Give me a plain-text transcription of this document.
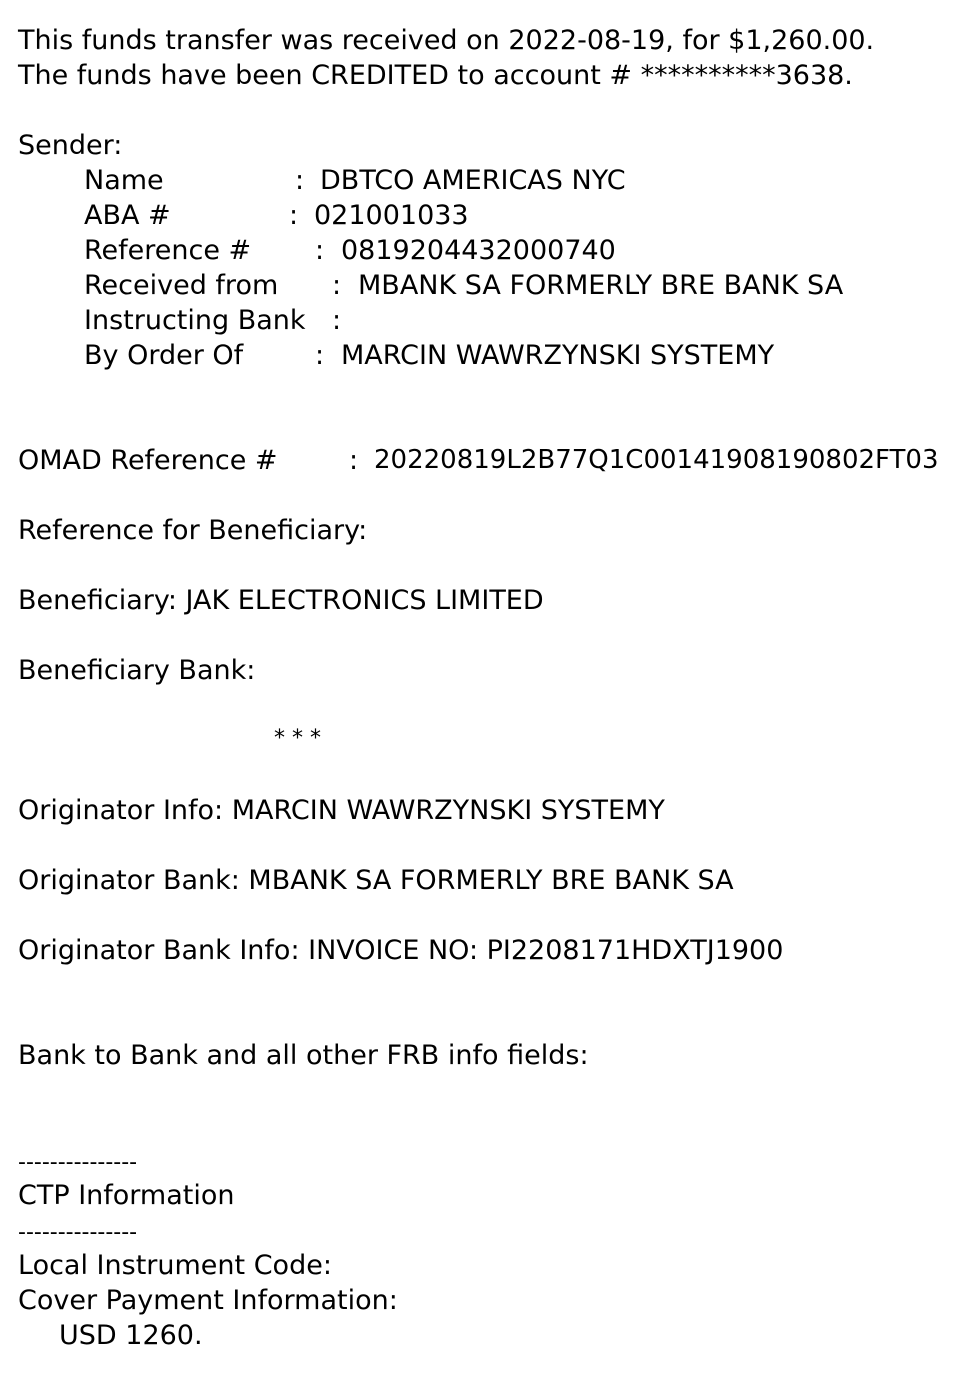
This funds transfer was received on 2022-08-19, for $1,260.00.
The funds have been CREDITED to account # **********3638.
Sender:
Name	: DBTCO AMERICAS NYC
ABA #	: 021001033
Reference # : 0819204432000740
Received from : MBANK SA FORMERLY BRE BANK SA
Instructing Bank :
By Order Of	: MARCIN WAWRZYNSKI SYSTEMY
OMAD Reference #	: 20220819L2B77Q1C00141908190802FT03
Reference for Beneficiary:
Beneficiary: JAK ELECTRONICS LIMITED
Beneficiary Bank:
* * *
Originator Info: MARCIN WAWRZYNSKI SYSTEMY
Originator Bank: MBANK SA FORMERLY BRE BANK SA
Originator Bank Info: INVOICE NO: PI2208171HDXTJ1900
Bank to Bank and all other FRB info fields:
---------------
CTP Information
---------------
Local Instrument Code:
Cover Payment Information:
USD 1260.
